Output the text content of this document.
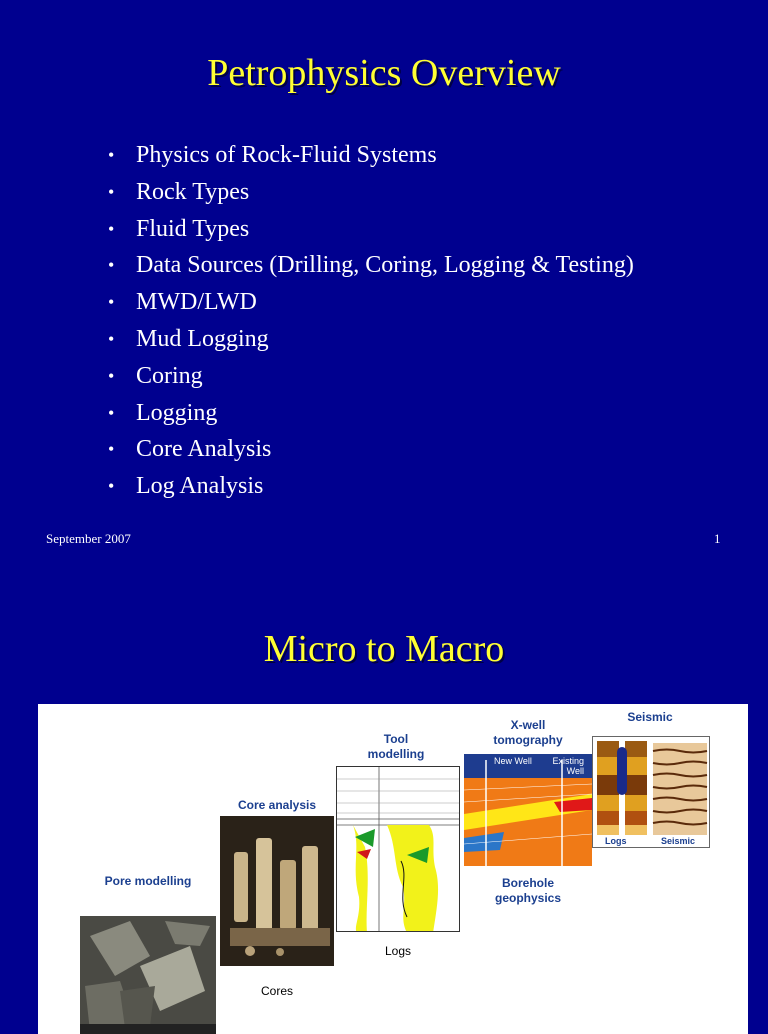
Petrophysics Overview
• Physics of Rock-Fluid Systems
• Rock Types
• Fluid Types
• Data Sources (Drilling, Coring, Logging & Testing)
• MWD/LWD
• Mud Logging
• Coring
• Logging
• Core Analysis
• Log Analysis
September 2007	1
Micro to Macro
Pore modelling
Core analysis
Cores
Tool modelling
Logs
X-well tomography
New Well	Existing Well
Borehole geophysics
Seismic
Logs	Seismic
